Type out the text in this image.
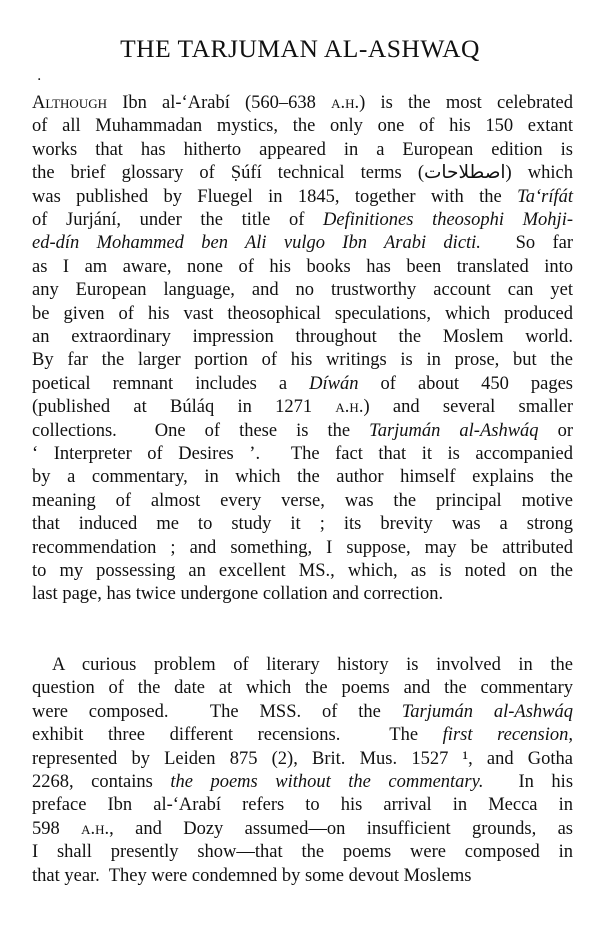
THE TARJUMAN AL-ASHWAQ
·
Although Ibn al-‘Arabí (560–638 a.h.) is the most celebrated
of all Muhammadan mystics, the only one of his 150 extant
works that has hitherto appeared in a European edition is
the brief glossary of Ṣúfí technical terms (اصطلاحات) which
was published by Fluegel in 1845, together with the Ta‘rífát
of Jurjání, under the title of Definitiones theosophi Mohji-
ed-dín Mohammed ben Ali vulgo Ibn Arabi dicti.  So far
as I am aware, none of his books has been translated into
any European language, and no trustworthy account can yet
be given of his vast theosophical speculations, which produced
an extraordinary impression throughout the Moslem world.
By far the larger portion of his writings is in prose, but the
poetical remnant includes a Díwán of about 450 pages
(published at Búláq in 1271 a.h.) and several smaller
collections.  One of these is the Tarjumán al-Ashwáq or
‘ Interpreter of Desires ’.  The fact that it is accompanied
by a commentary, in which the author himself explains the
meaning of almost every verse, was the principal motive
that induced me to study it ; its brevity was a strong
recommendation ; and something, I suppose, may be attributed
to my possessing an excellent MS., which, as is noted on the
last page, has twice undergone collation and correction.
A curious problem of literary history is involved in the
question of the date at which the poems and the commentary
were composed.  The MSS. of the Tarjumán al-Ashwáq
exhibit three different recensions.  The first recension,
represented by Leiden 875 (2), Brit. Mus. 1527 ¹, and Gotha
2268, contains the poems without the commentary.  In his
preface Ibn al-‘Arabí refers to his arrival in Mecca in
598 a.h., and Dozy assumed—on insufficient grounds, as
I shall presently show—that the poems were composed in
that year.  They were condemned by some devout Moslems
